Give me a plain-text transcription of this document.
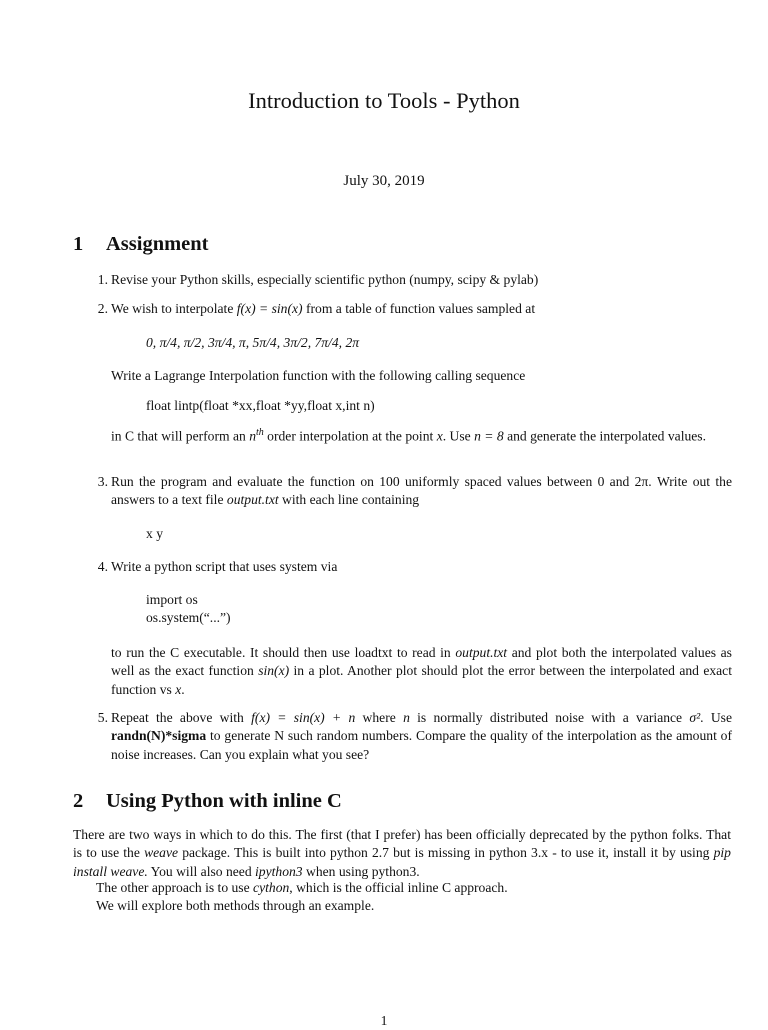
Introduction to Tools - Python
July 30, 2019
1 Assignment
1. Revise your Python skills, especially scientific python (numpy, scipy & pylab)
2. We wish to interpolate f(x) = sin(x) from a table of function values sampled at
0, π/4, π/2, 3π/4, π, 5π/4, 3π/2, 7π/4, 2π
Write a Lagrange Interpolation function with the following calling sequence
float lintp(float *xx,float *yy,float x,int n)
in C that will perform an $n^{th}$ order interpolation at the point x. Use n = 8 and generate the interpolated values.
3. Run the program and evaluate the function on 100 uniformly spaced values between 0 and 2π. Write out the answers to a text file output.txt with each line containing
x y
4. Write a python script that uses system via
import os
os.system(“...”)
to run the C executable. It should then use loadtxt to read in output.txt and plot both the interpolated values as well as the exact function sin(x) in a plot. Another plot should plot the error between the interpolated and exact function vs x.
5. Repeat the above with f(x) = sin(x) + n where n is normally distributed noise with a variance σ². Use randn(N)*sigma to generate N such random numbers. Compare the quality of the interpolation as the amount of noise increases. Can you explain what you see?
2 Using Python with inline C
There are two ways in which to do this. The first (that I prefer) has been officially deprecated by the python folks. That is to use the weave package. This is built into python 2.7 but is missing in python 3.x - to use it, install it by using pip install weave. You will also need ipython3 when using python3.
The other approach is to use cython, which is the official inline C approach.
We will explore both methods through an example.
1
